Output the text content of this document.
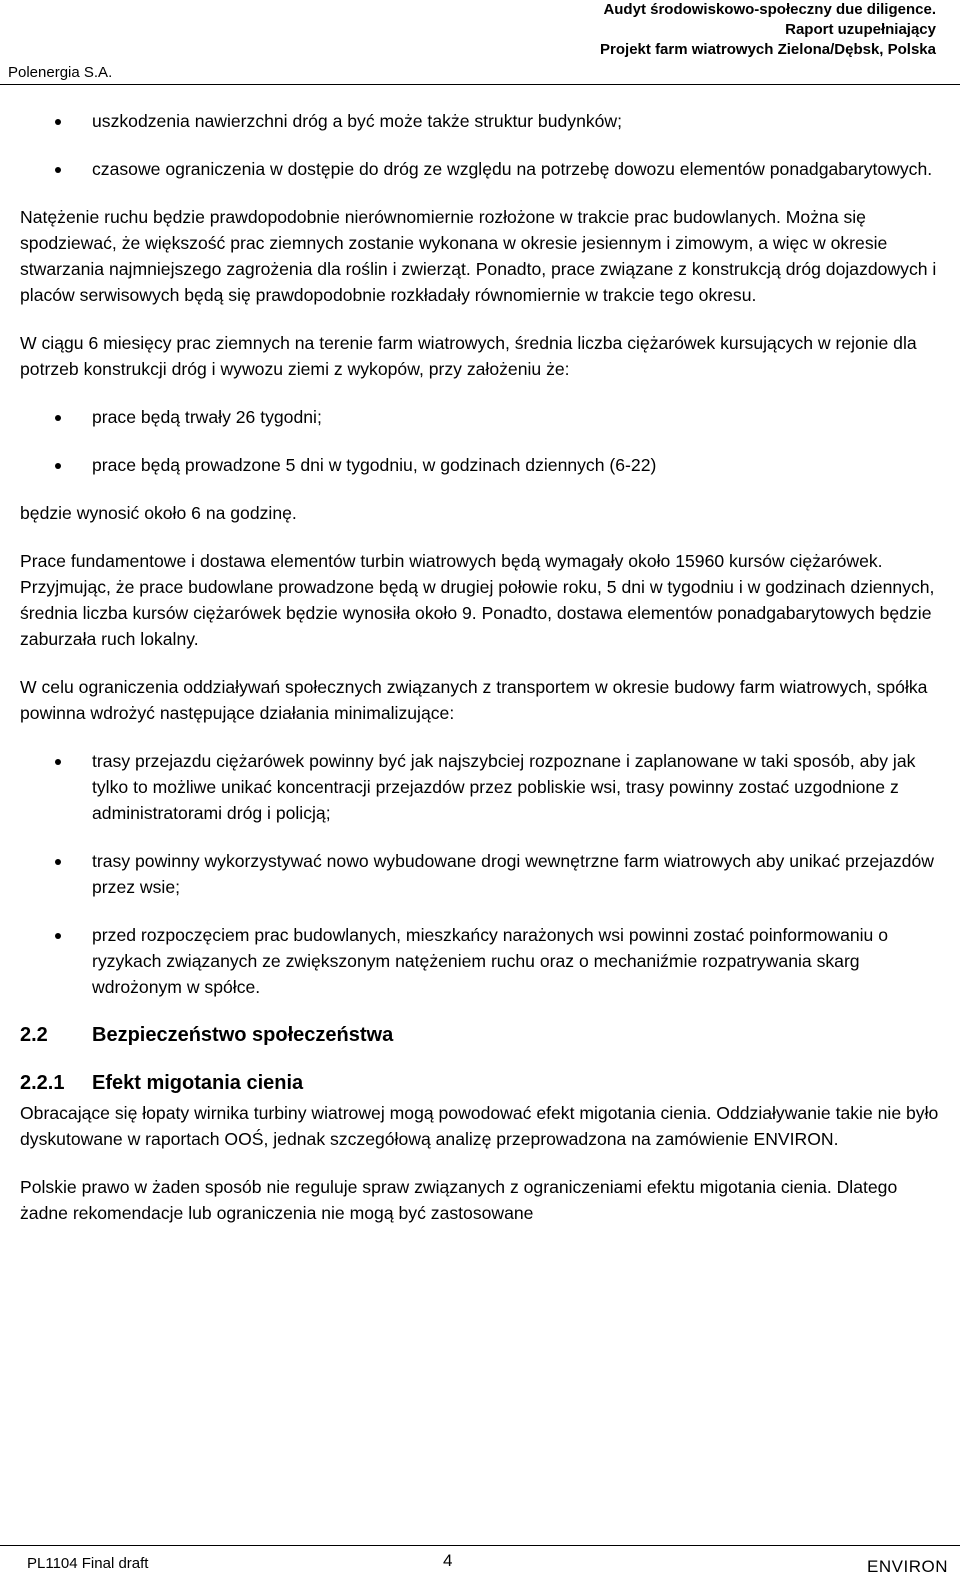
Polenergia S.A.
Audyt środowiskowo-społeczny due diligence.
Raport uzupełniający
Projekt farm wiatrowych Zielona/Dębsk, Polska
uszkodzenia nawierzchni dróg a być może także struktur budynków;
czasowe ograniczenia w dostępie do dróg ze względu na potrzebę dowozu elementów ponadgabarytowych.

Natężenie ruchu będzie prawdopodobnie nierównomiernie rozłożone w trakcie prac budowlanych. Można się spodziewać, że większość prac ziemnych zostanie wykonana w okresie jesiennym i zimowym, a więc w okresie stwarzania najmniejszego zagrożenia dla roślin i zwierząt. Ponadto, prace związane z konstrukcją dróg dojazdowych i placów serwisowych będą się prawdopodobnie rozkładały równomiernie w trakcie tego okresu.

W ciągu 6 miesięcy prac ziemnych na terenie farm wiatrowych, średnia liczba ciężarówek kursujących w rejonie dla potrzeb konstrukcji dróg i wywozu ziemi z wykopów, przy założeniu że:

prace będą trwały 26 tygodni;
prace będą prowadzone 5 dni w tygodniu, w godzinach dziennych (6-22)

będzie wynosić około 6 na godzinę.

Prace fundamentowe i dostawa elementów turbin wiatrowych będą wymagały około 15960 kursów ciężarówek. Przyjmując, że prace budowlane prowadzone będą w drugiej połowie roku, 5 dni w tygodniu i w godzinach dziennych, średnia liczba kursów ciężarówek będzie wynosiła około 9. Ponadto, dostawa elementów ponadgabarytowych będzie zaburzała ruch lokalny.

W celu ograniczenia oddziaływań społecznych związanych z transportem w okresie budowy farm wiatrowych, spółka powinna wdrożyć następujące działania minimalizujące:

trasy przejazdu ciężarówek powinny być jak najszybciej rozpoznane i zaplanowane w taki sposób, aby jak tylko to możliwe unikać koncentracji przejazdów przez pobliskie wsi, trasy powinny zostać uzgodnione z administratorami dróg i policją;
trasy powinny wykorzystywać nowo wybudowane drogi wewnętrzne farm wiatrowych aby unikać przejazdów przez wsie;
przed rozpoczęciem prac budowlanych, mieszkańcy narażonych wsi powinni zostać poinformowaniu o ryzykach związanych ze zwiększonym natężeniem ruchu oraz o mechaniźmie rozpatrywania skarg wdrożonym w spółce.
2.2	Bezpieczeństwo społeczeństwa
2.2.1	Efekt migotania cienia

Obracające się łopaty wirnika turbiny wiatrowej mogą powodować efekt migotania cienia. Oddziaływanie takie nie było dyskutowane w raportach OOŚ, jednak szczegółową analizę przeprowadzona na zamówienie ENVIRON.

Polskie prawo w żaden sposób nie reguluje spraw związanych z ograniczeniami efektu migotania cienia. Dlatego żadne rekomendacje lub ograniczenia nie mogą być zastosowane

PL1104 Final draft	4	ENVIRON
